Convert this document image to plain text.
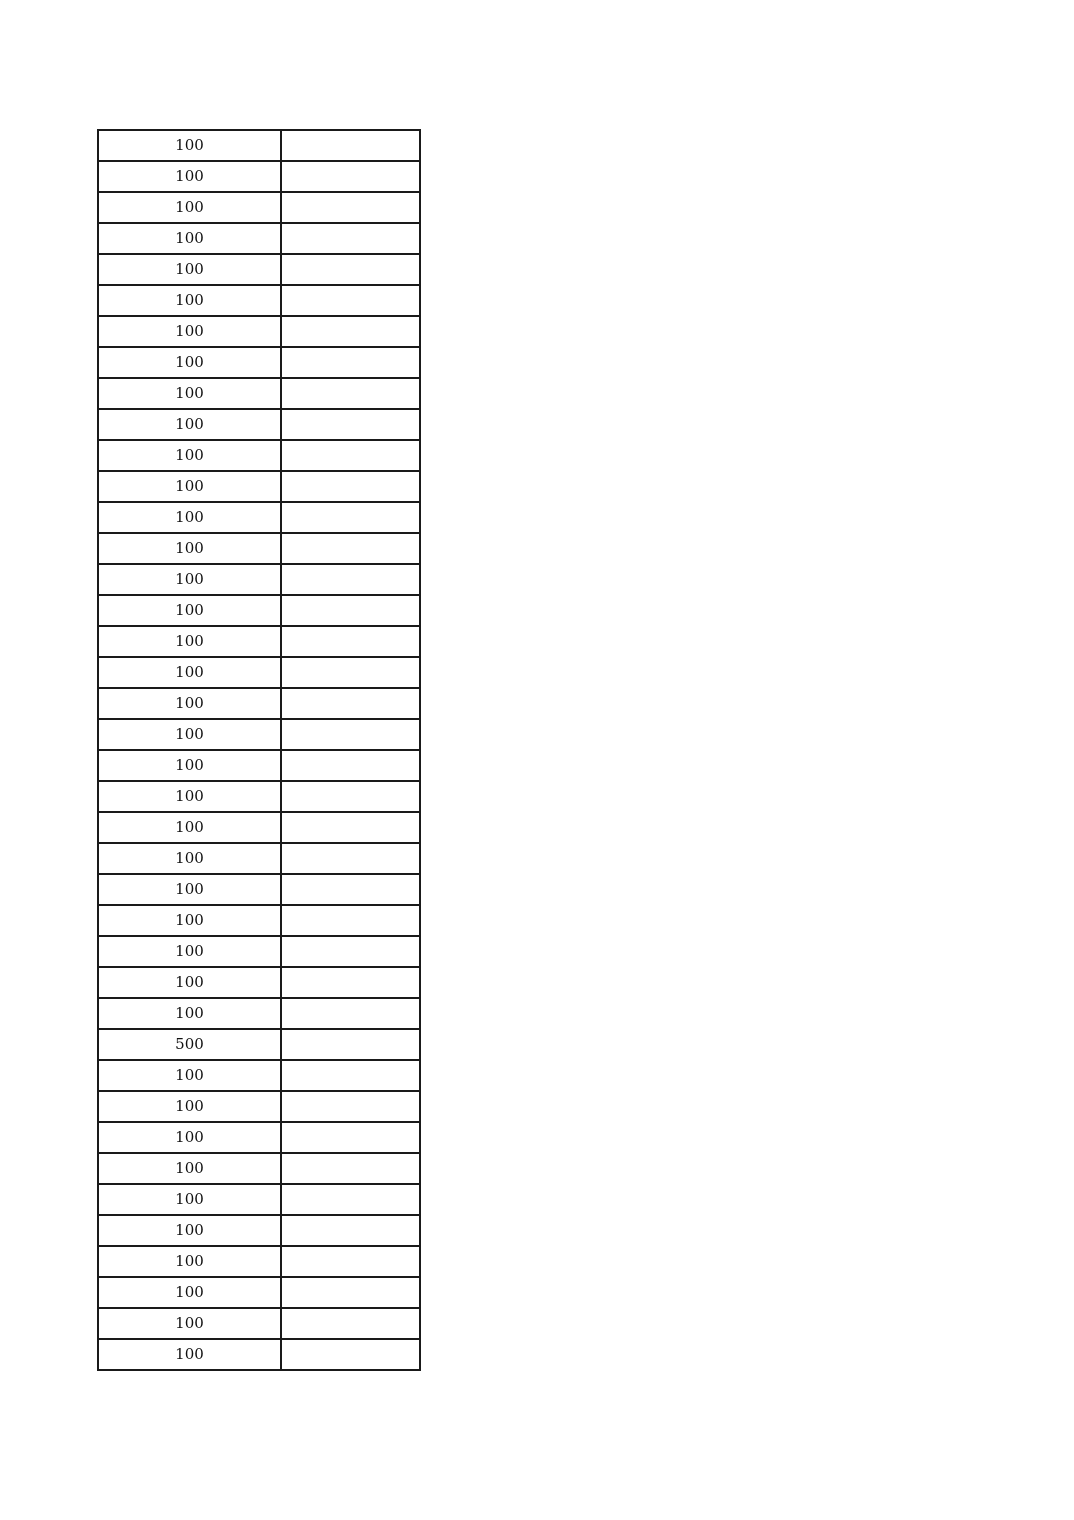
100	
100	
100	
100	
100	
100	
100	
100	
100	
100	
100	
100	
100	
100	
100	
100	
100	
100	
100	
100	
100	
100	
100	
100	
100	
100	
100	
100	
100	
500	
100	
100	
100	
100	
100	
100	
100	
100	
100	
100	
